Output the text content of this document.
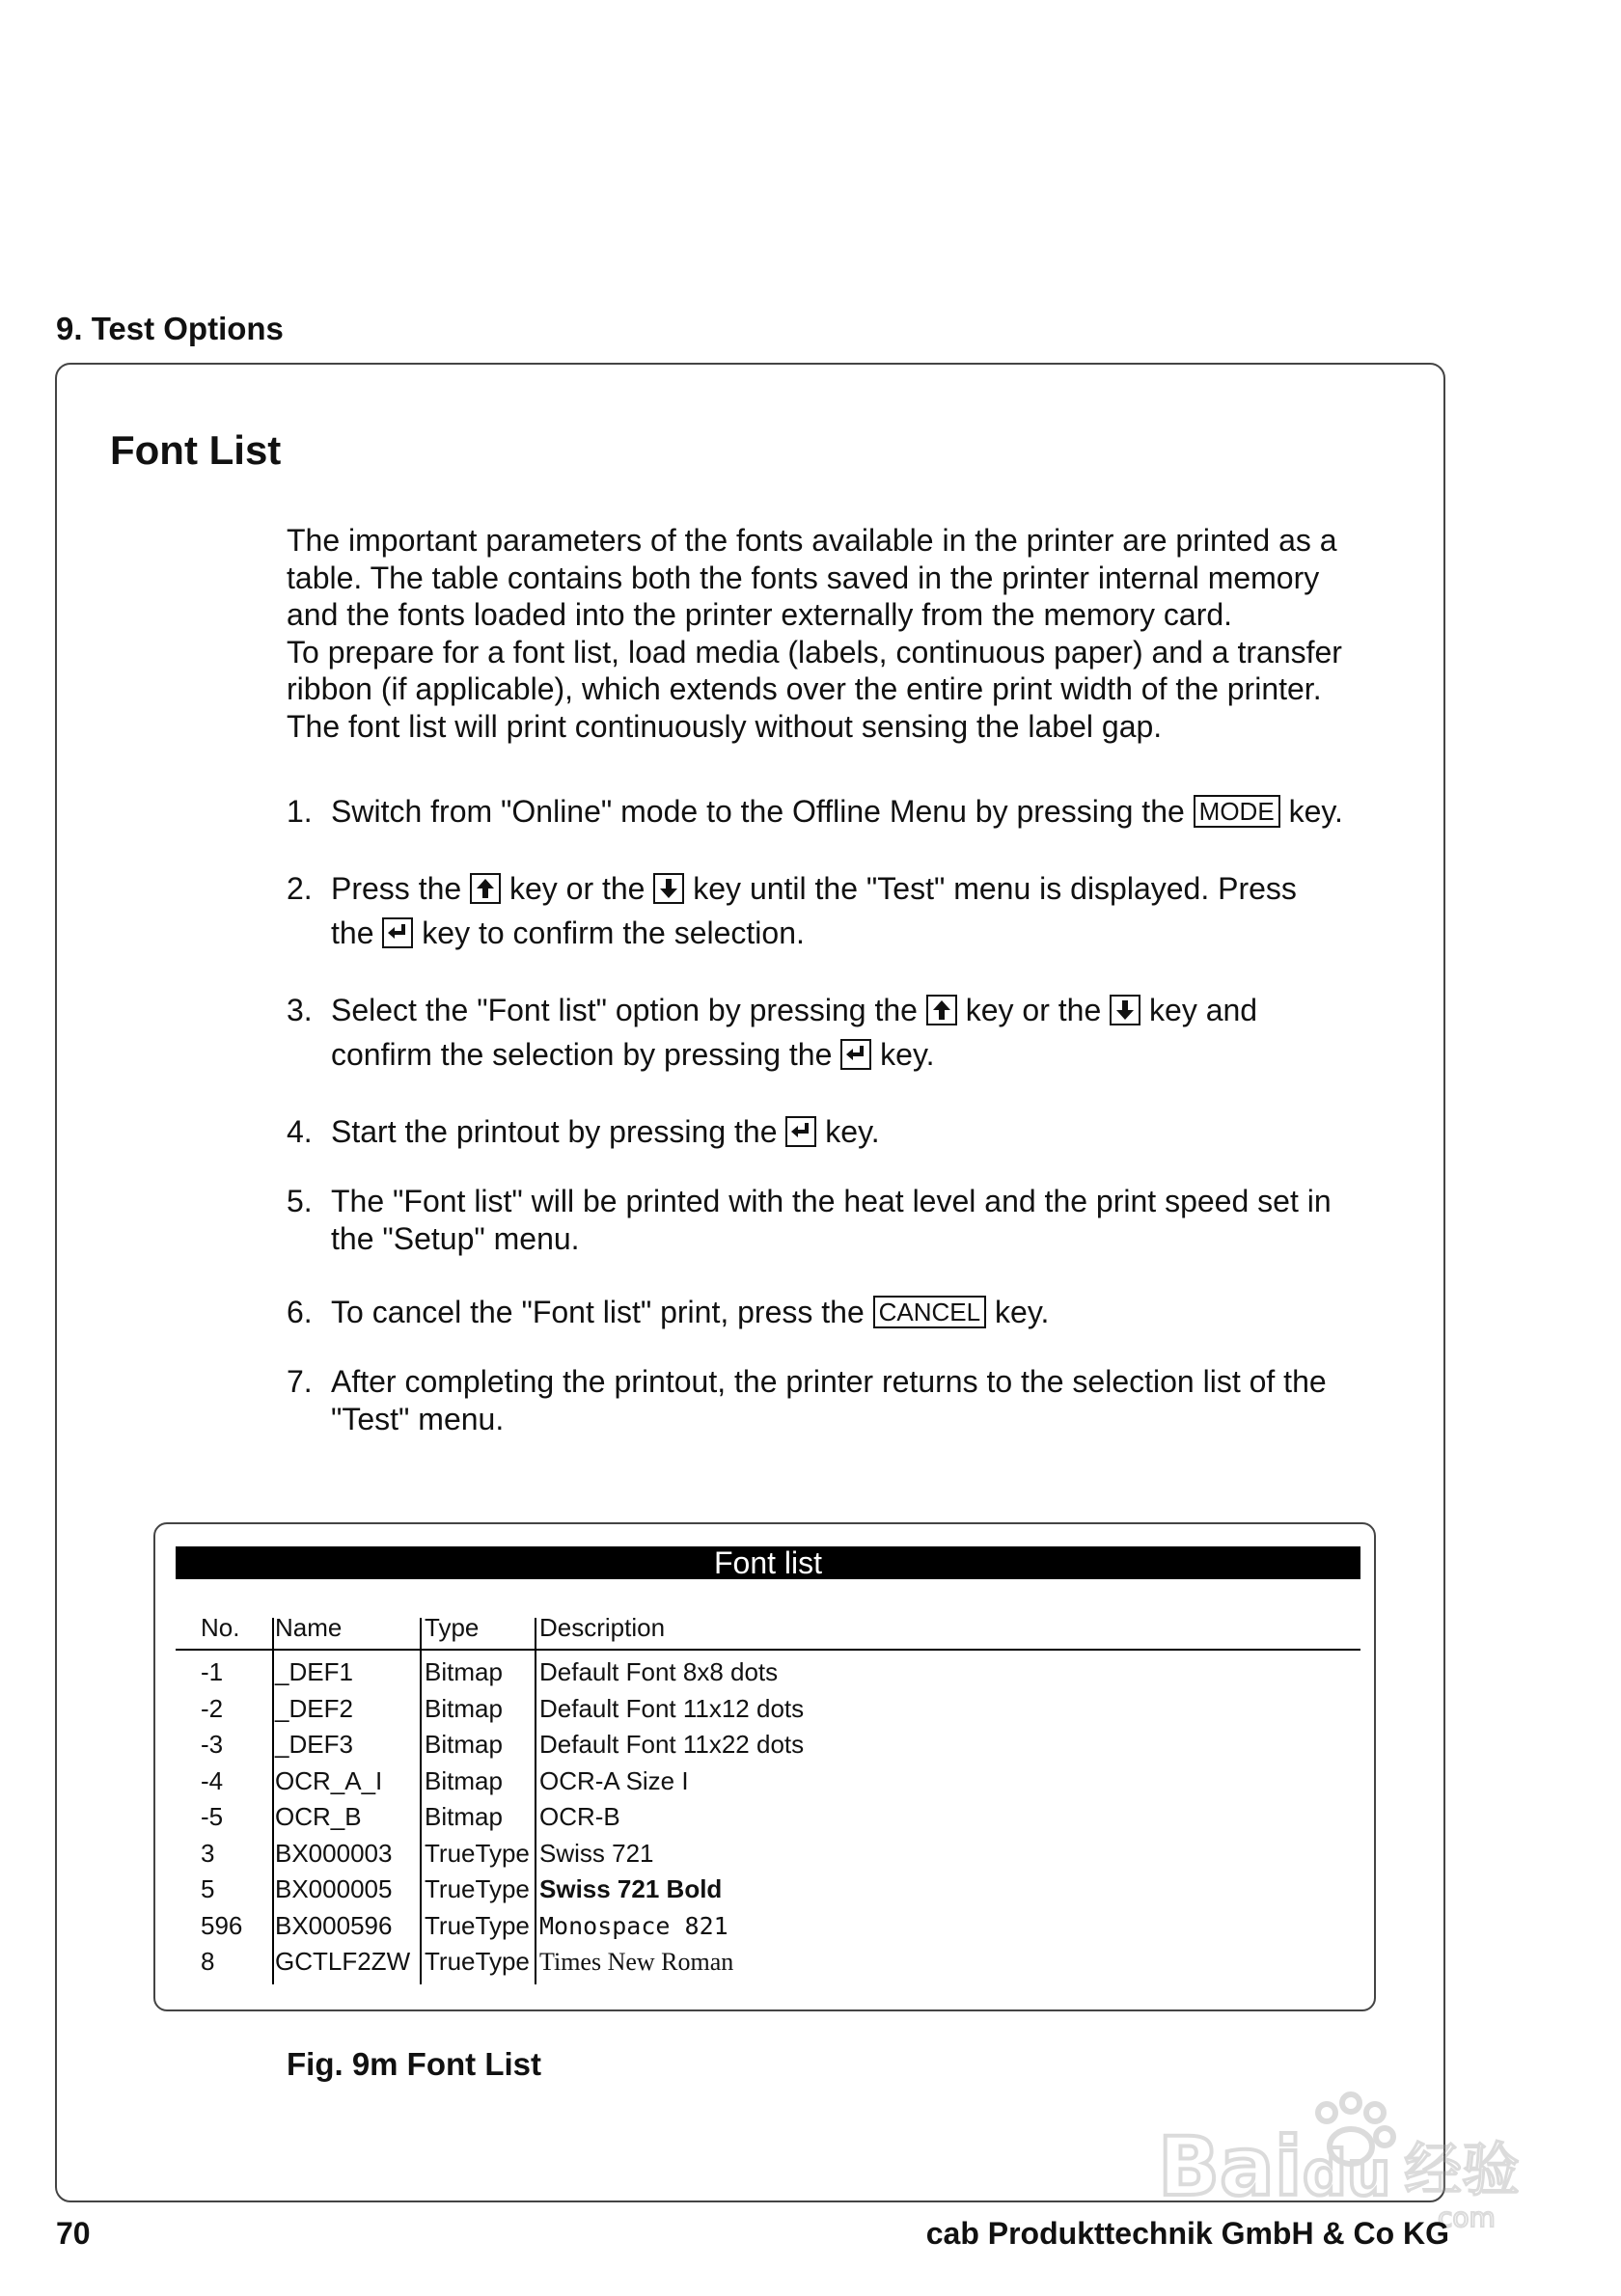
9. Test Options
Font List

The important parameters of the fonts available in the printer are printed as a

table. The table contains both the fonts saved in the printer internal memory

and the fonts loaded into the printer externally from the memory card.

To prepare for a font list, load media (labels, continuous paper) and a transfer

ribbon (if applicable), which extends over the entire print width of the printer.

The font list will print continuously without sensing the label gap.

1. Switch from "Online" mode to the Offline Menu by pressing the MODE key.
2. Press the
key or the
key until the "Test" menu is displayed. Press
the
key to confirm the selection.
3. Select the "Font list" option by pressing the
key or the
key and
confirm the selection by pressing the
key.
4. Start the printout by pressing the
key.
5. The "Font list" will be printed with the heat level and the print speed set in
the "Setup" menu.
6. To cancel the "Font list" print, press the CANCEL key.
7. After completing the printout, the printer returns to the selection list of the
"Test" menu.
Font list
No. Name	Type Description
-1 _DEF1	Bitmap Default Font 8x8 dots
-2 _DEF2	Bitmap Default Font 11x12 dots
-3 _DEF3	Bitmap Default Font 11x22 dots
-4 OCR_A_I Bitmap OCR-A Size I
-5 OCR_B	Bitmap OCR-B
3 BX000003 TrueType Swiss 721
5 BX000005 TrueType Swiss 721 Bold
596 BX000596 TrueType Monospace 821
8 GCTLF2ZW TrueType Times New Roman
Fig. 9m Font List
Bai du 经验
com
70	cab Produkttechnik GmbH & Co KG
